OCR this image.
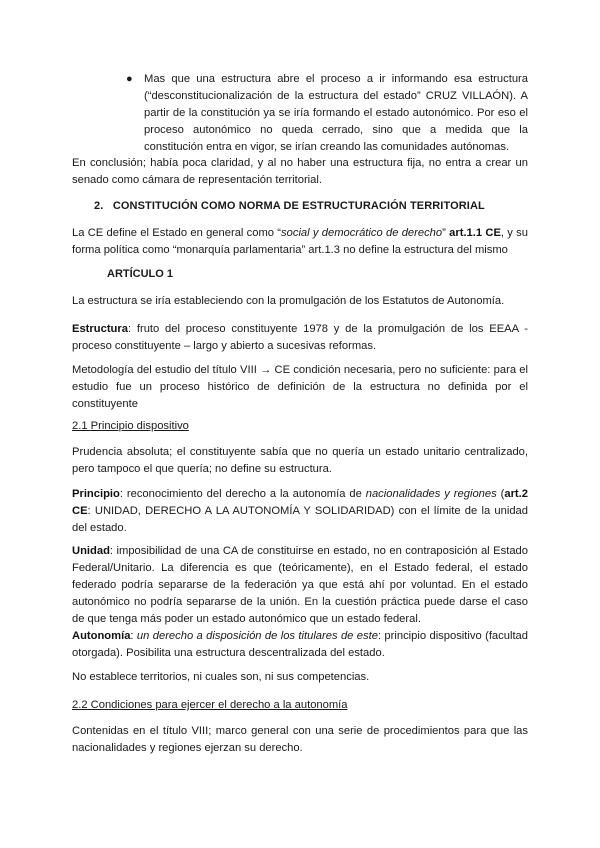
● Mas que una estructura abre el proceso a ir informando esa estructura (“desconstitucionalización de la estructura del estado” CRUZ VILLAÓN). A partir de la constitución ya se iría formando el estado autonómico. Por eso el proceso autonómico no queda cerrado, sino que a medida que la constitución entra en vigor, se irían creando las comunidades autónomas.

En conclusión; había poca claridad, y al no haber una estructura fija, no entra a crear un senado como cámara de representación territorial.

2. CONSTITUCIÓN COMO NORMA DE ESTRUCTURACIÓN TERRITORIAL

La CE define el Estado en general como “social y democrático de derecho” art.1.1 CE, y su forma política como “monarquía parlamentaria” art.1.3 no define la estructura del mismo

ARTÍCULO 1

La estructura se iría estableciendo con la promulgación de los Estatutos de Autonomía.

Estructura: fruto del proceso constituyente 1978 y de la promulgación de los EEAA - proceso constituyente – largo y abierto a sucesivas reformas.

Metodología del estudio del título VIII → CE condición necesaria, pero no suficiente: para el estudio fue un proceso histórico de definición de la estructura no definida por el constituyente

2.1 Principio dispositivo

Prudencia absoluta; el constituyente sabía que no quería un estado unitario centralizado, pero tampoco el que quería; no define su estructura.

Principio: reconocimiento del derecho a la autonomía de nacionalidades y regiones (art.2 CE: UNIDAD, DERECHO A LA AUTONOMÍA Y SOLIDARIDAD) con el límite de la unidad del estado.

Unidad: imposibilidad de una CA de constituirse en estado, no en contraposición al Estado Federal/Unitario. La diferencia es que (teóricamente), en el Estado federal, el estado federado podría separarse de la federación ya que está ahí por voluntad. En el estado autonómico no podría separarse de la unión. En la cuestión práctica puede darse el caso de que tenga más poder un estado autonómico que un estado federal.

Autonomía: un derecho a disposición de los titulares de este: principio dispositivo (facultad otorgada). Posibilita una estructura descentralizada del estado.

No establece territorios, ni cuales son, ni sus competencias.

2.2 Condiciones para ejercer el derecho a la autonomía

Contenidas en el título VIII; marco general con una serie de procedimientos para que las nacionalidades y regiones ejerzan su derecho.
